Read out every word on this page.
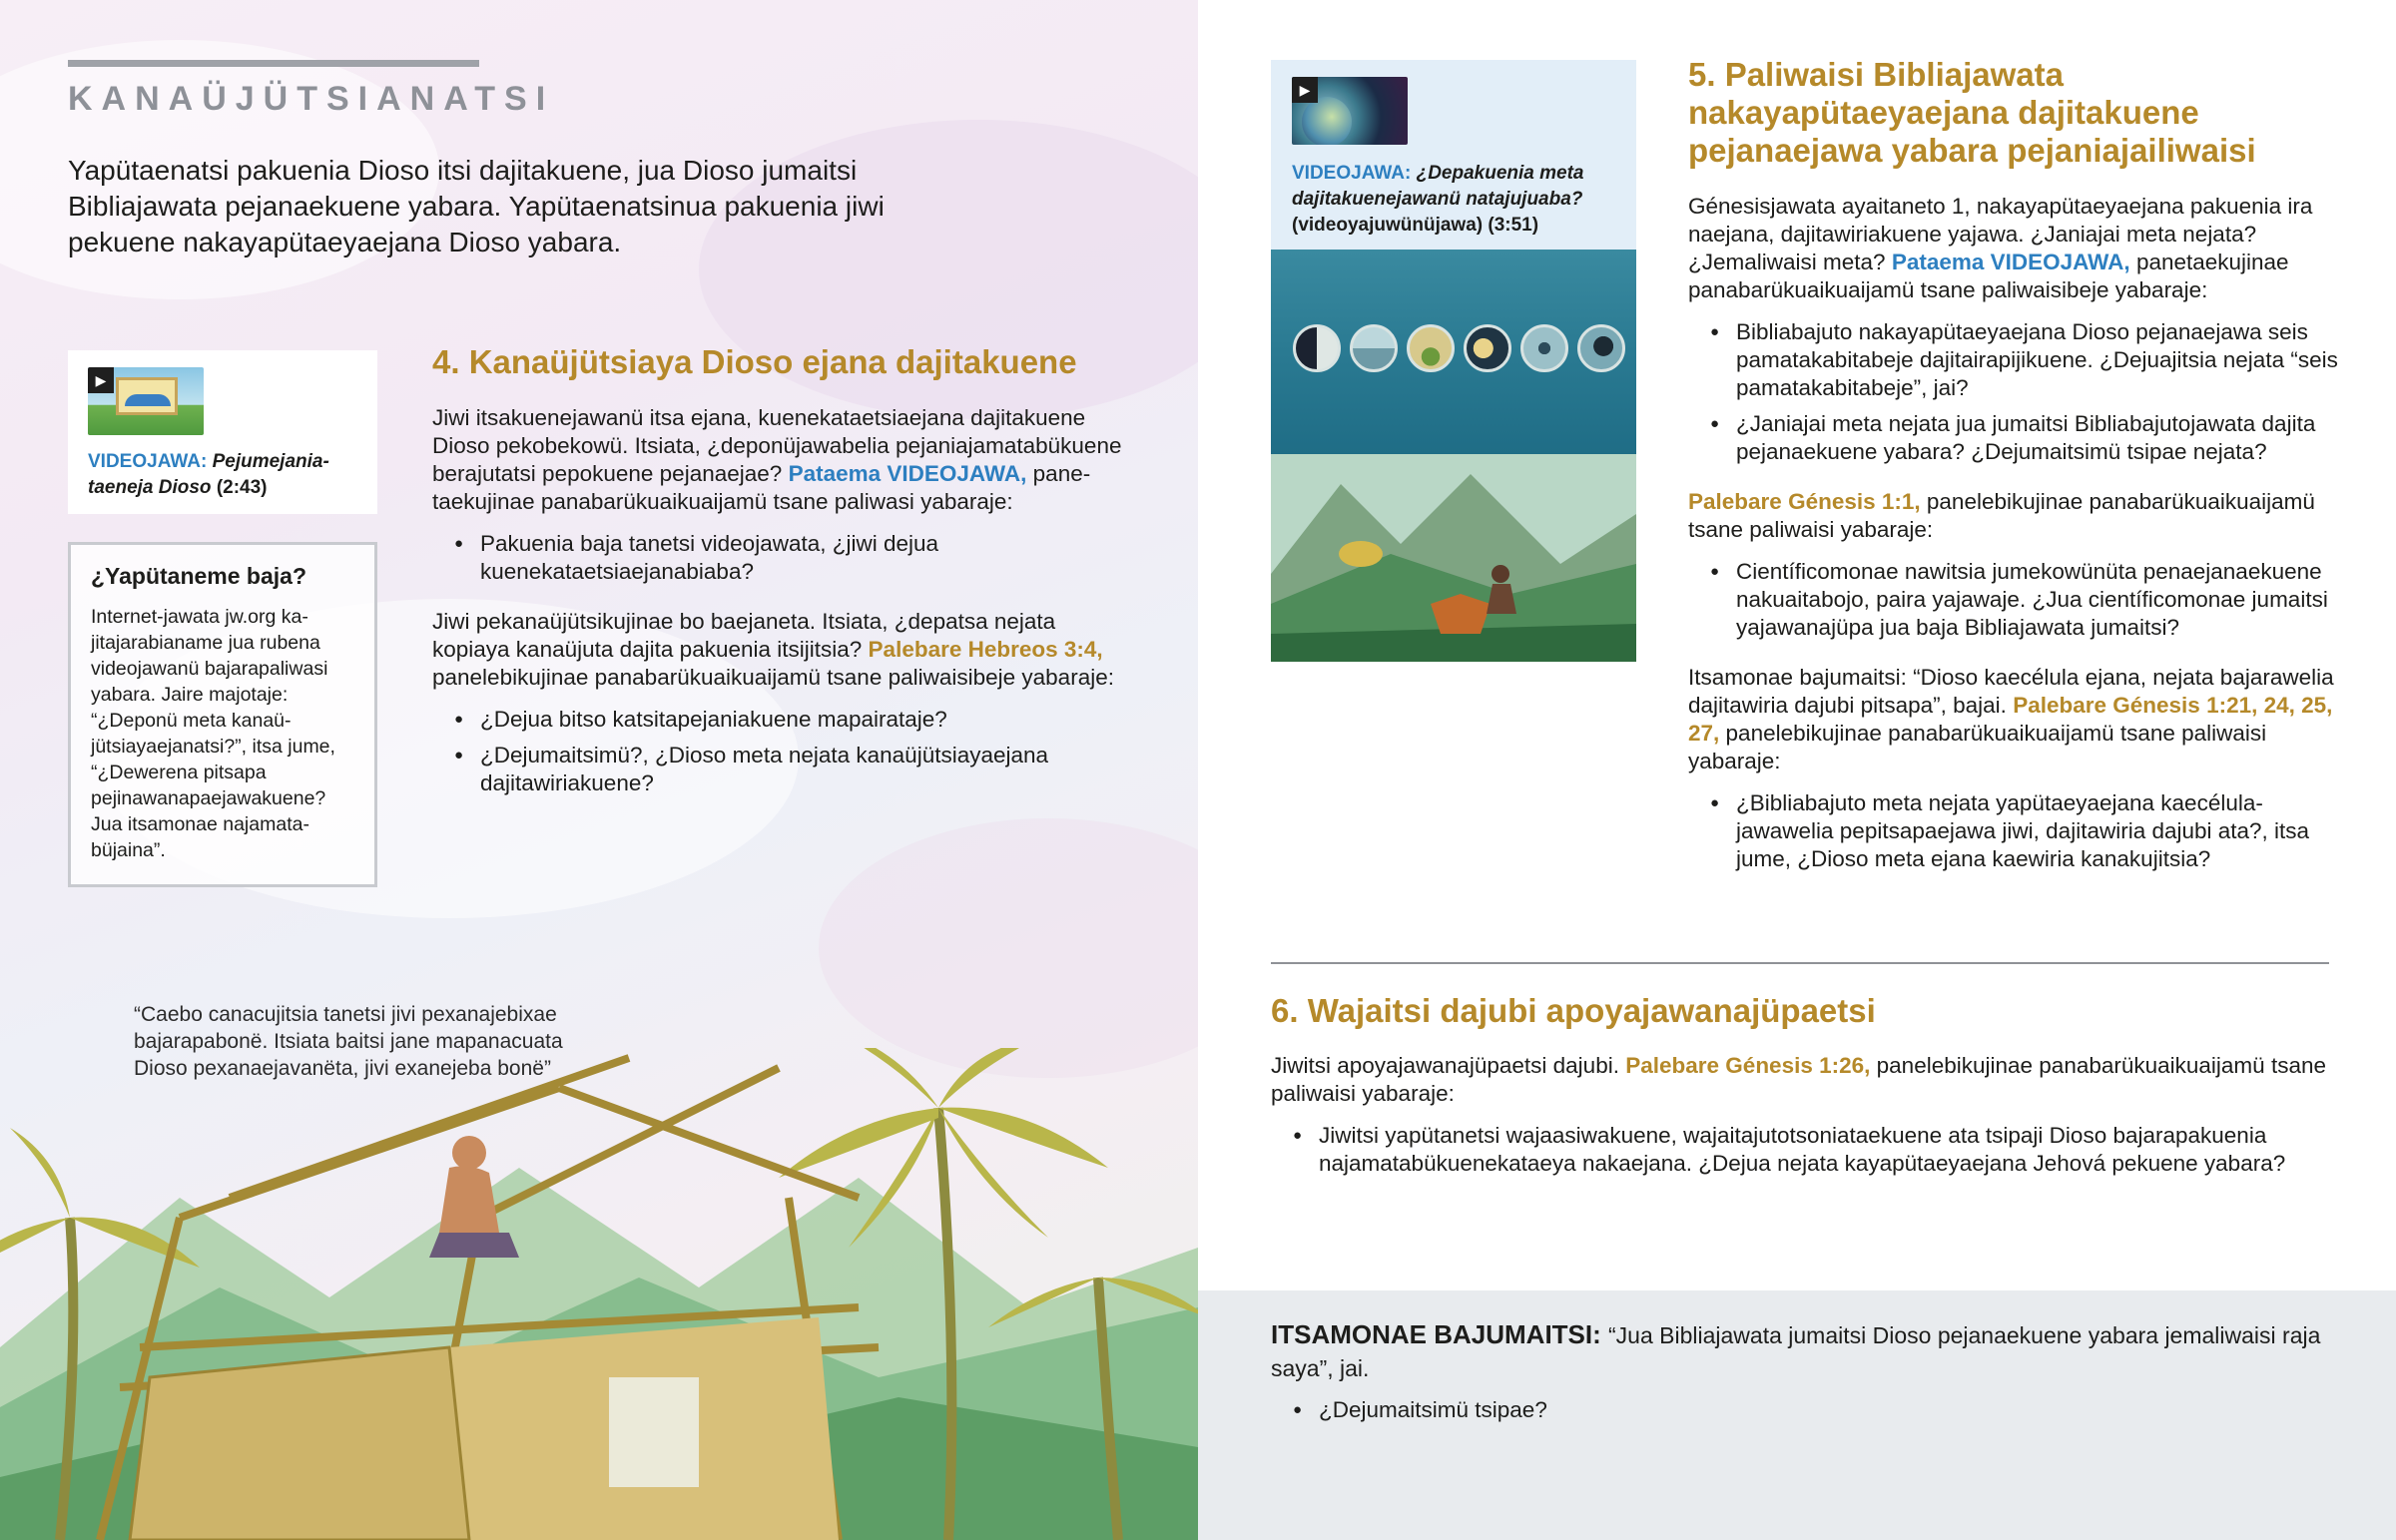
KANAÜJÜTSIANATSI

Yapütaenatsi pakuenia Dioso itsi dajitakuene, jua Dioso jumaitsi Bibliajawata pejanaekuene yabara. Yapütaenatsinua pakuenia jiwi pekuene nakayapütaeyaejana Dioso yabara.

▶
VIDEOJAWA: Pejumejaniataeneja Dioso (2:43)
¿Yapütaneme baja?

Internet-jawata jw.org kajitajarabianame jua rubena videojawanü bajarapaliwasi yabara. Jaire majotaje: “¿Deponü meta kanaüjütsiayaejanatsi?”, itsa jume, “¿Dewerena pitsapa pejinawanapaejawakuene? Jua itsamonae najamatabüjaina”.

4. Kanaüjütsiaya Dioso ejana dajitakuene

Jiwi itsakuenejawanü itsa ejana, kuenekataetsiaejana dajitakuene Dioso pekobekowü. Itsiata, ¿deponüjawabelia pejaniajamatabükuene berajutatsi pepokuene pejanaejae? Pataema VIDEOJAWA, panetaekujinae panabarükuaikuaijamü tsane paliwasi yabaraje:

● Pakuenia baja tanetsi videojawata, ¿jiwi dejua kuenekataetsiaejanabiaba?

Jiwi pekanaüjütsikujinae bo baejaneta. Itsiata, ¿depatsa nejata kopiaya kanaüjuta dajita pakuenia itsijitsia? Palebare Hebreos 3:4, panelebikujinae panabarükuaikuaijamü tsane paliwaisibeje yabaraje:

● ¿Dejua bitso katsitapejaniakuene mapairataje?
● ¿Dejumaitsimü?, ¿Dioso meta nejata kanaüjütsiayaejana dajitawiriakuene?

“Caebo canacujitsia tanetsi jivi pexanajebixae bajarapabonë. Itsiata baitsi jane mapanacuata Dioso pexanaejavanëta, jivi exanejeba bonë”

▶
VIDEOJAWA: ¿Depakuenia meta dajitakuenejawanü natajujuaba? (videoyajuwünüjawa) (3:51)
5. Paliwaisi Bibliajawata nakayapütaeyaejana dajitakuene pejanaejawa yabara pejaniajailiwaisi

Génesisjawata ayaitaneto 1, nakayapütaeyaejana pakuenia ira naejana, dajitawiriakuene yajawa. ¿Janiajai meta nejata? ¿Jemaliwaisi meta? Pataema VIDEOJAWA, panetaekujinae panabarükuaikuaijamü tsane paliwaisibeje yabaraje:

● Bibliabajuto nakayapütaeyaejana Dioso pejanaejawa seis pamatakabitabeje dajitairapijikuene. ¿Dejuajitsia nejata “seis pamatakabitabeje”, jai?
● ¿Janiajai meta nejata jua jumaitsi Bibliabajutojawata dajita pejanaekuene yabara? ¿Dejumaitsimü tsipae nejata?

Palebare Génesis 1:1, panelebikujinae panabarükuaikuaijamü tsane paliwaisi yabaraje:

● Científicomonae nawitsia jumekowünüta penaejanaekuene nakuaitabojo, paira yajawaje. ¿Jua científicomonae jumaitsi yajawanajüpa jua baja Bibliajawata jumaitsi?

Itsamonae bajumaitsi: “Dioso kaecélula ejana, nejata bajarawelia dajitawiria dajubi pitsapa”, bajai. Palebare Génesis 1:21, 24, 25, 27, panelebikujinae panabarükuaikuaijamü tsane paliwaisi yabaraje:

● ¿Bibliabajuto meta nejata yapütaeyaejana kaecélulajawawelia pepitsapaejawa jiwi, dajitawiria dajubi ata?, itsa jume, ¿Dioso meta ejana kaewiria kanakujitsia?
6. Wajaitsi dajubi apoyajawanajüpaetsi

Jiwitsi apoyajawanajüpaetsi dajubi. Palebare Génesis 1:26, panelebikujinae panabarükuaikuaijamü tsane paliwaisi yabaraje:

● Jiwitsi yapütanetsi wajaasiwakuene, wajaitajutotsoniataekuene ata tsipaji Dioso bajarapakuenia najamatabükuenekataeya nakaejana. ¿Dejua nejata kayapütaeyaejana Jehová pekuene yabara?

ITSAMONAE BAJUMAITSI: “Jua Bibliajawata jumaitsi Dioso pejanaekuene yabara jemaliwaisi raja saya”, jai.

● ¿Dejumaitsimü tsipae?
